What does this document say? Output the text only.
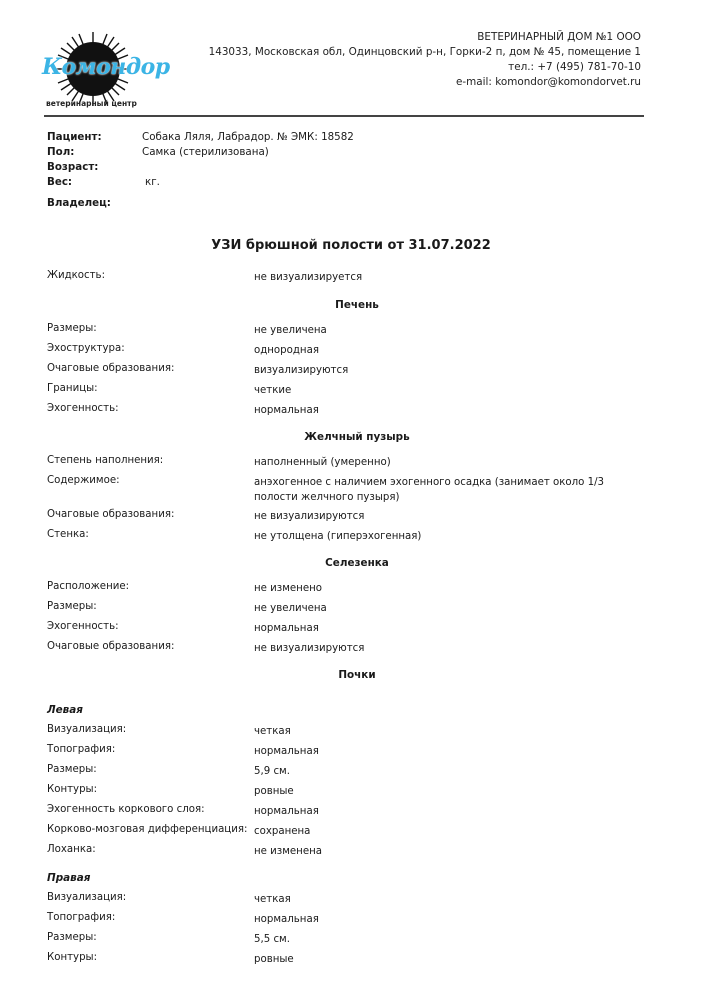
Комондор
ветеринарный центр
ВЕТЕРИНАРНЫЙ ДОМ №1 ООО
143033, Московская обл, Одинцовский р-н, Горки-2 п, дом № 45, помещение 1
тел.: +7 (495) 781-70-10
e-mail: komondor@komondorvet.ru
Пациент:	Собака Ляля, Лабрадор. № ЭМК: 18582
Пол:	Самка (стерилизована)
Возраст:
Вес:	кг.
Владелец:
УЗИ брюшной полости от 31.07.2022
Жидкость:	не визуализируется
Печень
Размеры:	не увеличена
Эхоструктура:	однородная
Очаговые образования:	визуализируются
Границы:	четкие
Эхогенность:	нормальная
Желчный пузырь
Степень наполнения:	наполненный (умеренно)
Содержимое:	анэхогенное с наличием эхогенного осадка (занимает около 1/3 полости желчного пузыря)
Очаговые образования:	не визуализируются
Стенка:	не утолщена (гиперэхогенная)
Селезенка
Расположение:	не изменено
Размеры:	не увеличена
Эхогенность:	нормальная
Очаговые образования:	не визуализируются
Почки
Левая
Визуализация:	четкая
Топография:	нормальная
Размеры:	5,9 см.
Контуры:	ровные
Эхогенность коркового слоя:	нормальная
Корково-мозговая дифференциация: сохранена
Лоханка:	не изменена
Правая
Визуализация:	четкая
Топография:	нормальная
Размеры:	5,5 см.
Контуры:	ровные
